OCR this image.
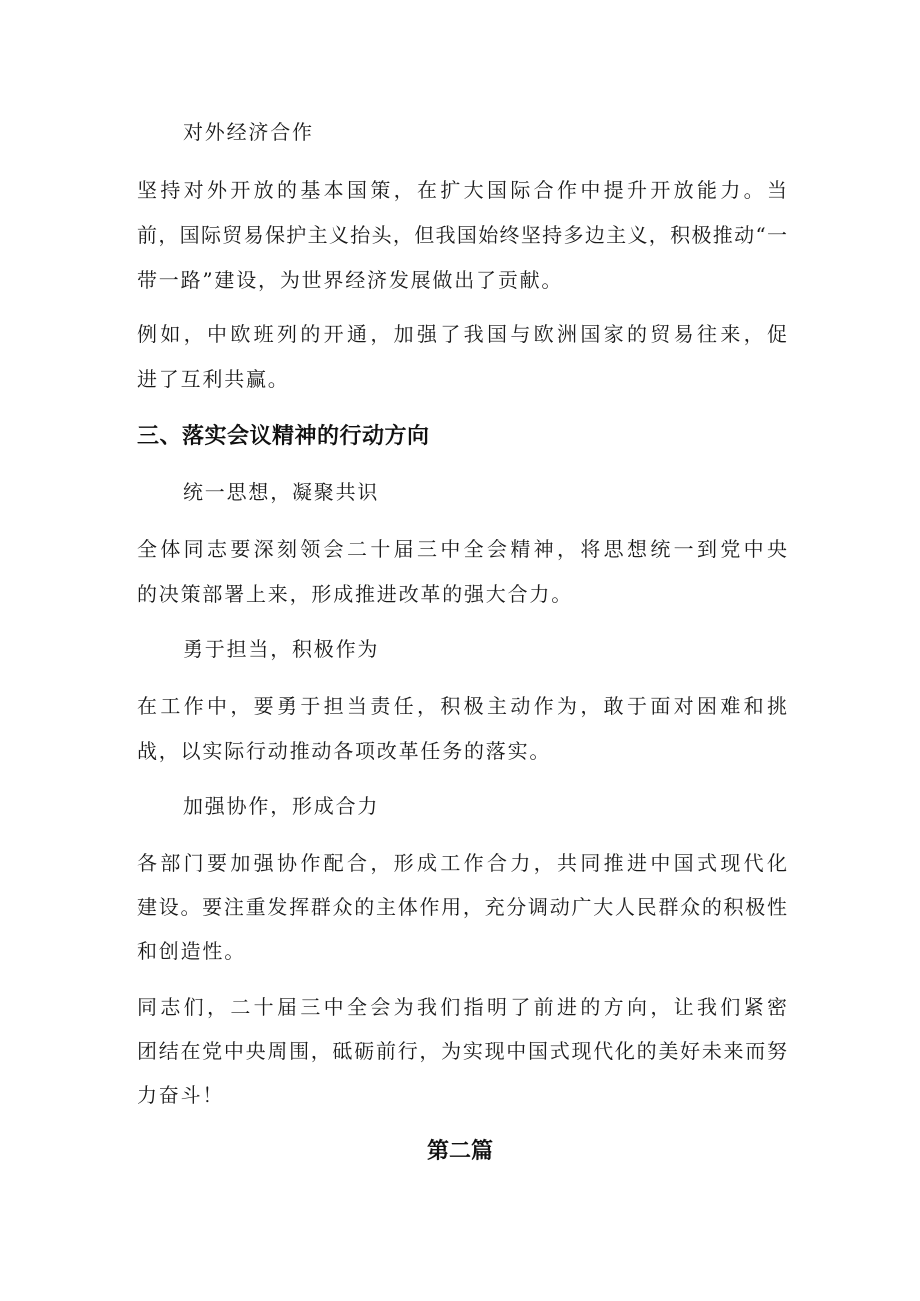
对外经济合作

坚持对外开放的基本国策，在扩大国际合作中提升开放能力。当

前，国际贸易保护主义抬头，但我国始终坚持多边主义，积极推动“一

带一路”建设，为世界经济发展做出了贡献。

例如，中欧班列的开通，加强了我国与欧洲国家的贸易往来，促

进了互利共赢。

三、落实会议精神的行动方向

统一思想，凝聚共识

全体同志要深刻领会二十届三中全会精神，将思想统一到党中央

的决策部署上来，形成推进改革的强大合力。

勇于担当，积极作为

在工作中，要勇于担当责任，积极主动作为，敢于面对困难和挑

战，以实际行动推动各项改革任务的落实。

加强协作，形成合力

各部门要加强协作配合，形成工作合力，共同推进中国式现代化

建设。要注重发挥群众的主体作用，充分调动广大人民群众的积极性

和创造性。

同志们，二十届三中全会为我们指明了前进的方向，让我们紧密

团结在党中央周围，砥砺前行，为实现中国式现代化的美好未来而努

力奋斗！

第二篇
